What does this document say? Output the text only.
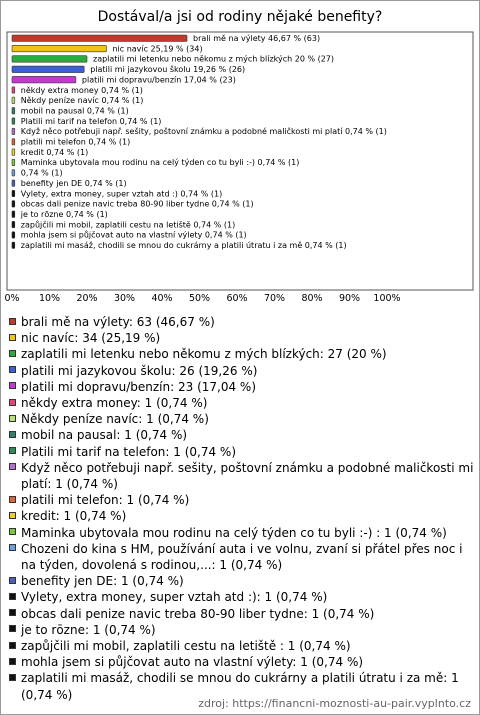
Dostával/a jsi od rodiny nějaké benefity?
brali mě na výlety 46,67 % (63)
nic navíc 25,19 % (34)
zaplatili mi letenku nebo někomu z mých blízkých 20 % (27)
platili mi jazykovou školu 19,26 % (26)
platili mi dopravu/benzín 17,04 % (23)
někdy extra money 0,74 % (1)
Někdy peníze navíc 0,74 % (1)
mobil na pausal 0,74 % (1)
Platili mi tarif na telefon 0,74 % (1)
Když něco potřebuji např. sešity, poštovní známku a podobné maličkosti mi platí 0,74 % (1)
platili mi telefon 0,74 % (1)
kredit 0,74 % (1)
Maminka ubytovala mou rodinu na celý týden co tu byli :-) 0,74 % (1)
0,74 % (1)
benefity jen DE 0,74 % (1)
Vylety, extra money, super vztah atd :) 0,74 % (1)
obcas dali penize navic treba 80-90 liber tydne 0,74 % (1)
je to rōzne 0,74 % (1)
zapůjčili mi mobil, zaplatili cestu na letiště 0,74 % (1)
mohla jsem si půjčovat auto na vlastní výlety 0,74 % (1)
zaplatili mi masáž, chodili se mnou do cukrárny a platili útratu i za mě 0,74 % (1)
0% 10% 20% 30% 40% 50% 60% 70% 80% 90% 100%
brali mě na výlety: 63 (46,67 %)
nic navíc: 34 (25,19 %)
zaplatili mi letenku nebo někomu z mých blízkých: 27 (20 %)
platili mi jazykovou školu: 26 (19,26 %)
platili mi dopravu/benzín: 23 (17,04 %)
někdy extra money: 1 (0,74 %)
Někdy peníze navíc: 1 (0,74 %)
mobil na pausal: 1 (0,74 %)
Platili mi tarif na telefon: 1 (0,74 %)
Když něco potřebuji např. sešity, poštovní známku a podobné maličkosti mi platí: 1 (0,74 %)
platili mi telefon: 1 (0,74 %)
kredit: 1 (0,74 %)
Maminka ubytovala mou rodinu na celý týden co tu byli :-) : 1 (0,74 %)
Chozeni do kina s HM, používání auta i ve volnu, zvaní si přátel přes noc i na týden, dovolená s rodinou,...: 1 (0,74 %)
benefity jen DE: 1 (0,74 %)
Vylety, extra money, super vztah atd :): 1 (0,74 %)
obcas dali penize navic treba 80-90 liber tydne: 1 (0,74 %)
je to rōzne: 1 (0,74 %)
zapůjčili mi mobil, zaplatili cestu na letiště : 1 (0,74 %)
mohla jsem si půjčovat auto na vlastní výlety: 1 (0,74 %)
zaplatili mi masáž, chodili se mnou do cukrárny a platili útratu i za mě: 1 (0,74 %)
zdroj: https://financni-moznosti-au-pair.vyplnto.cz
